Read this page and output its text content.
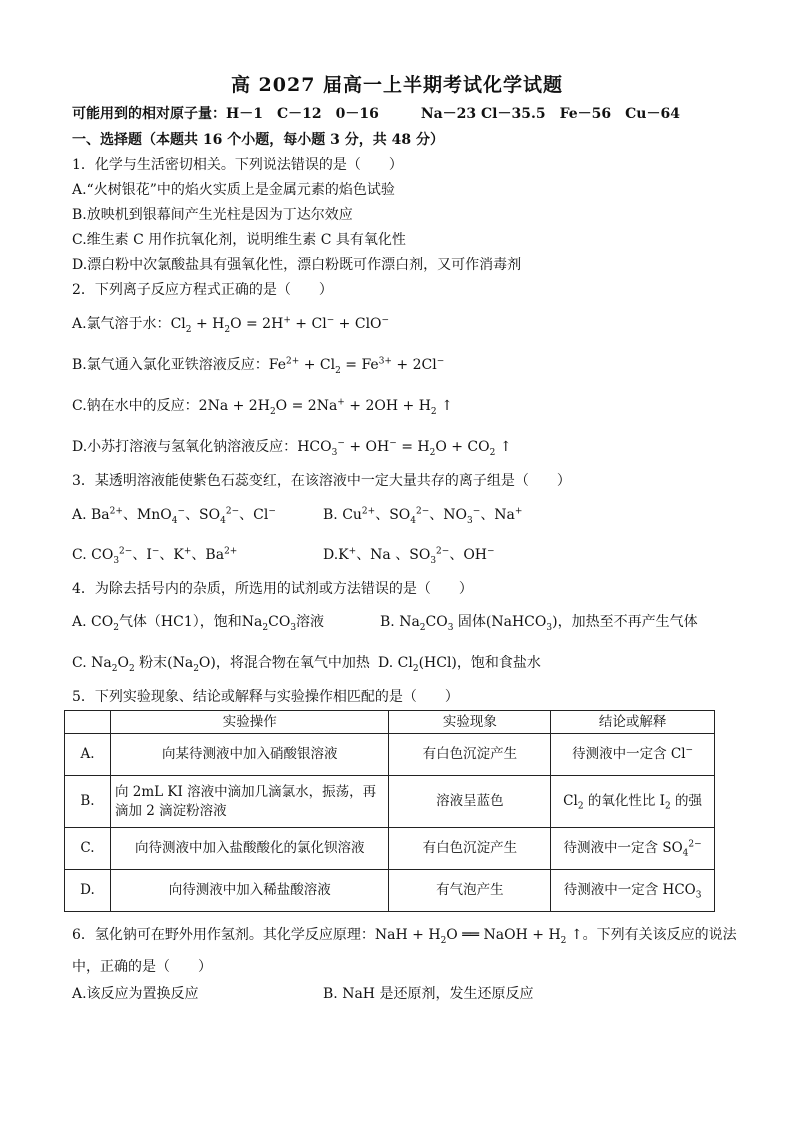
高 2027 届高一上半期考试化学试题
可能用到的相对原子量：H－1　C－12　0－16　　　Na－23 Cl－35.5　Fe－56　Cu－64
一、选择题（本题共 16 个小题，每小题 3 分，共 48 分）
1．化学与生活密切相关。下列说法错误的是（　　）
A.“火树银花”中的焰火实质上是金属元素的焰色试验
B.放映机到银幕间产生光柱是因为丁达尔效应
C.维生素 C 用作抗氧化剂，说明维生素 C 具有氧化性
D.漂白粉中次氯酸盐具有强氧化性，漂白粉既可作漂白剂，又可作消毒剂
2．下列离子反应方程式正确的是（　　）
A.氯气溶于水：$Cl_2 + H_2O = 2H^+ + Cl^- + ClO^-$
B.氯气通入氯化亚铁溶液反应：$Fe^{2+} + Cl_2 = Fe^{3+} + 2Cl^-$
C.钠在水中的反应：$2Na + 2H_2O = 2Na^+ + 2OH + H_2$ ↑
D.小苏打溶液与氢氧化钠溶液反应：$HCO_3^- + OH^- = H_2O + CO_2$ ↑
3．某透明溶液能使紫色石蕊变红，在该溶液中一定大量共存的离子组是（　　）
A. $Ba^{2+}$、MnO$_4$−、$SO_4^{2-}$、Cl−	B. $Cu^{2+}$、$SO_4^{2-}$、$NO_3^-$、Na+
C. $CO_3^{2-}$、I−、K+、$Ba^{2+}$	D.K+、Na 、$SO_3^{2-}$、OH−
4．为除去括号内的杂质，所选用的试剂或方法错误的是（　　）
A. $CO_2$气体（HC1），饱和$Na_2CO_3$溶液	B. $Na_2CO_3$ 固体(NaHCO$_3$)，加热至不再产生气体
C. $Na_2O_2$ 粉末$(Na_2O)$，将混合物在氧气中加热 D. $Cl_2(HCl)$，饱和食盐水
5．下列实验现象、结论或解释与实验操作相匹配的是（　　）
	实验操作	实验现象	结论或解释
A.	向某待测液中加入硝酸银溶液	有白色沉淀产生	待测液中一定含 Cl−
B.	向 2mL KI 溶液中滴加几滴氯水，振荡，再
滴加 2 滴淀粉溶液	溶液呈蓝色	$Cl_2$ 的氧化性比 $I_2$ 的强
C.	向待测液中加入盐酸酸化的氯化钡溶液	有白色沉淀产生	待测液中一定含 $SO_4^{2-}$
D.	向待测液中加入稀盐酸溶液	有气泡产生	待测液中一定含 $HCO_3$
6．氢化钠可在野外用作氢剂。其化学反应原理：NaH + $H_2O$ ══ NaOH + $H_2$ ↑。下列有关该反应的说法
中，正确的是（　　）
A.该反应为置换反应	B. NaH 是还原剂，发生还原反应
